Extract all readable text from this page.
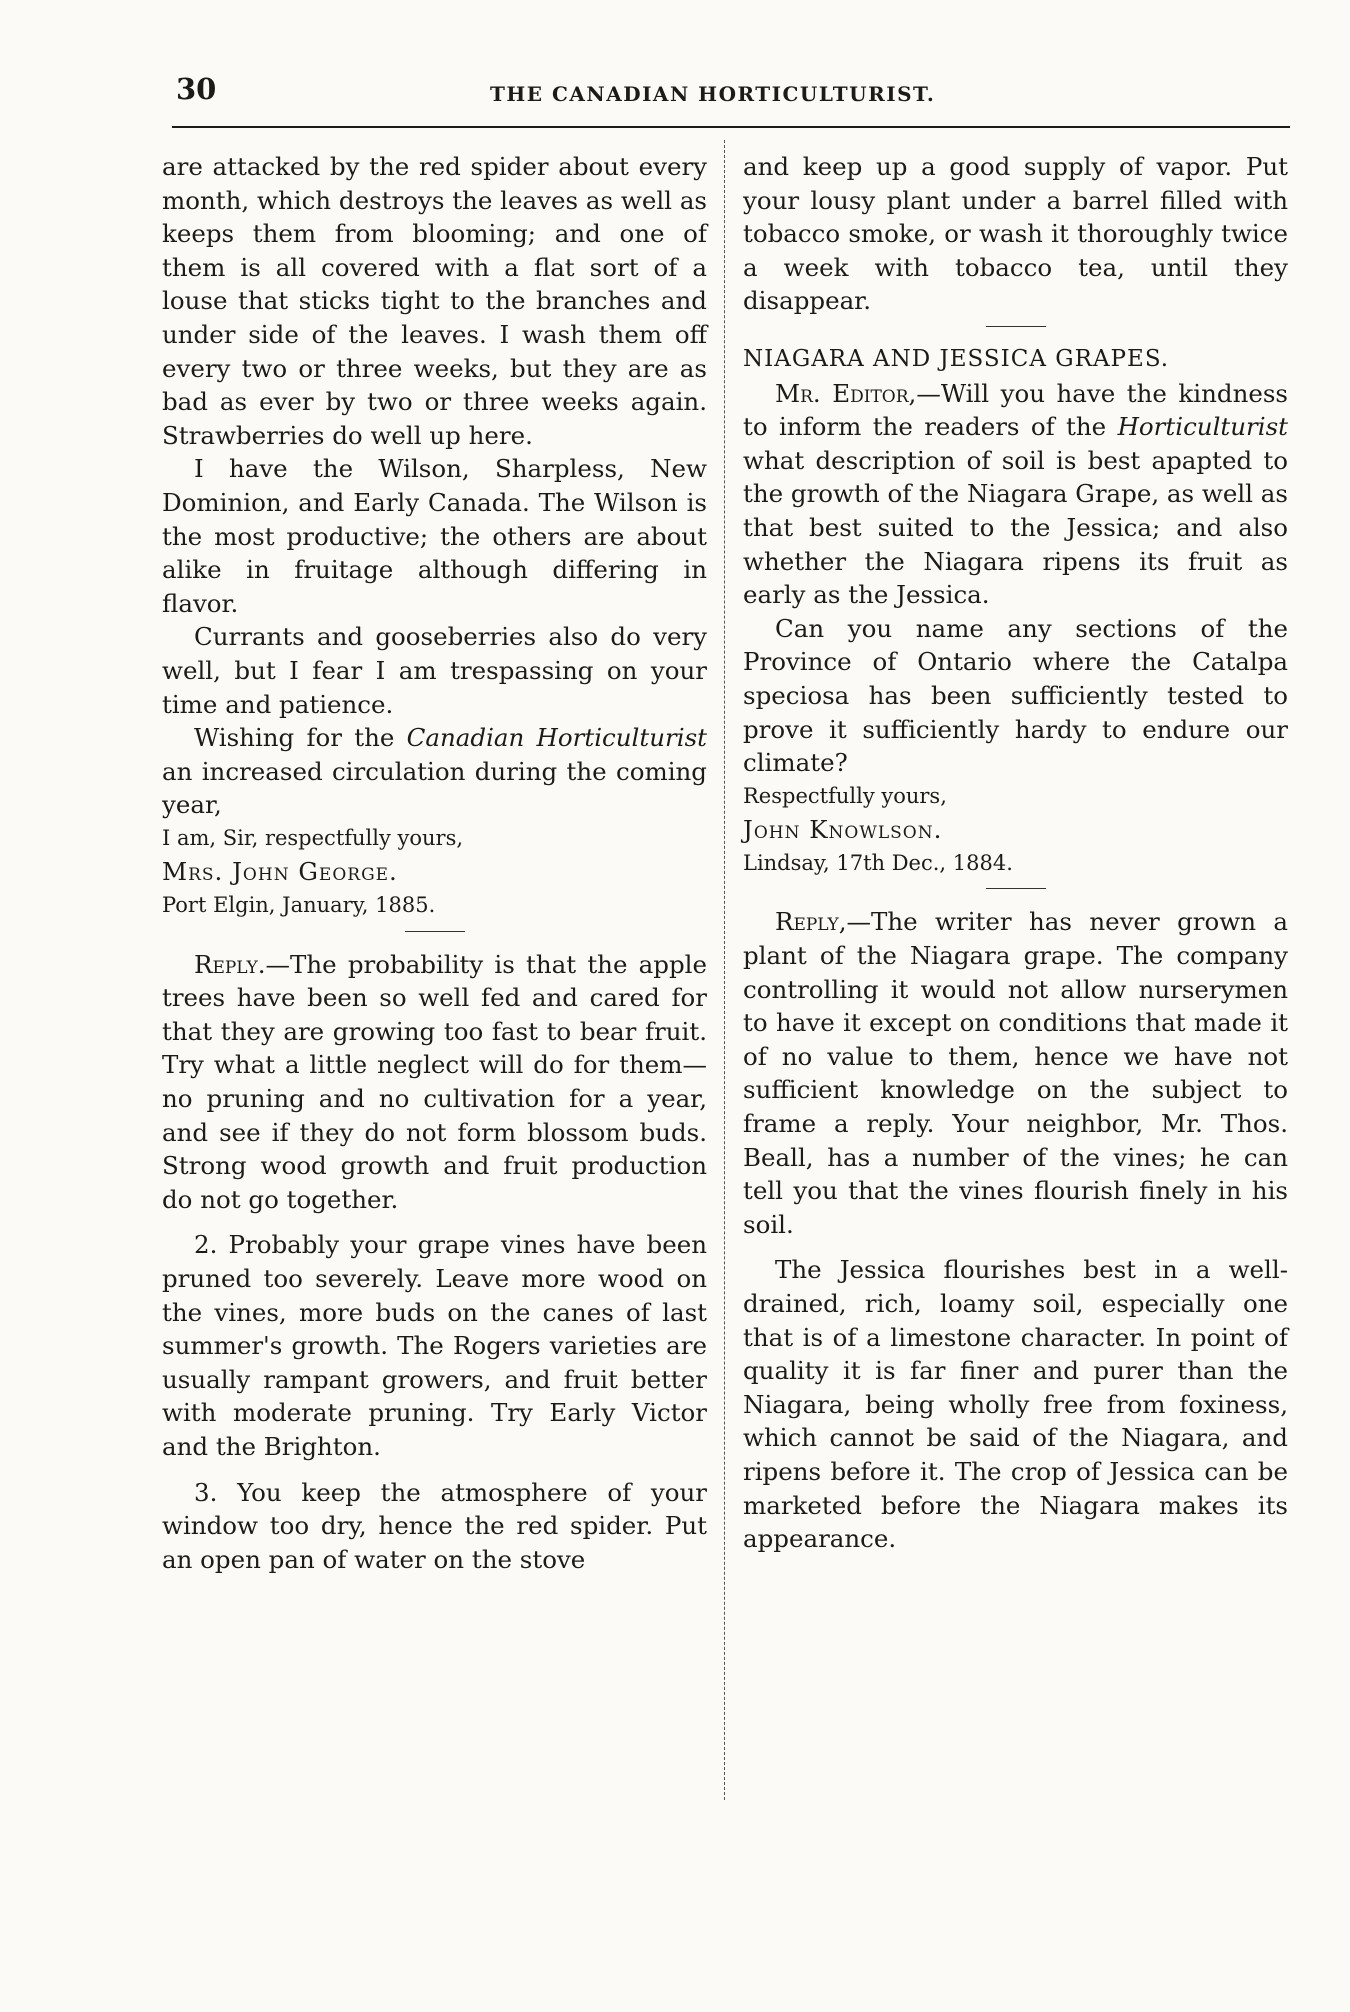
30	THE CANADIAN HORTICULTURIST.

are attacked by the red spider about every month, which destroys the leaves as well as keeps them from blooming; and one of them is all covered with a flat sort of a louse that sticks tight to the branches and under side of the leaves. I wash them off every two or three weeks, but they are as bad as ever by two or three weeks again. Strawberries do well up here.

I have the Wilson, Sharpless, New Dominion, and Early Canada. The Wilson is the most productive; the others are about alike in fruitage although differing in flavor.

Currants and gooseberries also do very well, but I fear I am trespassing on your time and patience.

Wishing for the Canadian Horticulturist an increased circulation during the coming year,

I am, Sir, respectfully yours,

Mrs. John George.

Port Elgin, January, 1885.

Reply.—The probability is that the apple trees have been so well fed and cared for that they are growing too fast to bear fruit. Try what a little neglect will do for them—no pruning and no cultivation for a year, and see if they do not form blossom buds. Strong wood growth and fruit production do not go together.

2. Probably your grape vines have been pruned too severely. Leave more wood on the vines, more buds on the canes of last summer's growth. The Rogers varieties are usually rampant growers, and fruit better with moderate pruning. Try Early Victor and the Brighton.

3. You keep the atmosphere of your window too dry, hence the red spider. Put an open pan of water on the stove

and keep up a good supply of vapor. Put your lousy plant under a barrel filled with tobacco smoke, or wash it thoroughly twice a week with tobacco tea, until they disappear.

NIAGARA AND JESSICA GRAPES.

Mr. Editor,—Will you have the kindness to inform the readers of the Horticulturist what description of soil is best apapted to the growth of the Niagara Grape, as well as that best suited to the Jessica; and also whether the Niagara ripens its fruit as early as the Jessica.

Can you name any sections of the Province of Ontario where the Catalpa speciosa has been sufficiently tested to prove it sufficiently hardy to endure our climate?

Respectfully yours,

John Knowlson.

Lindsay, 17th Dec., 1884.

Reply,—The writer has never grown a plant of the Niagara grape. The company controlling it would not allow nurserymen to have it except on conditions that made it of no value to them, hence we have not sufficient knowledge on the subject to frame a reply. Your neighbor, Mr. Thos. Beall, has a number of the vines; he can tell you that the vines flourish finely in his soil.

The Jessica flourishes best in a well-drained, rich, loamy soil, especially one that is of a limestone character. In point of quality it is far finer and purer than the Niagara, being wholly free from foxiness, which cannot be said of the Niagara, and ripens before it. The crop of Jessica can be marketed before the Niagara makes its appearance.
